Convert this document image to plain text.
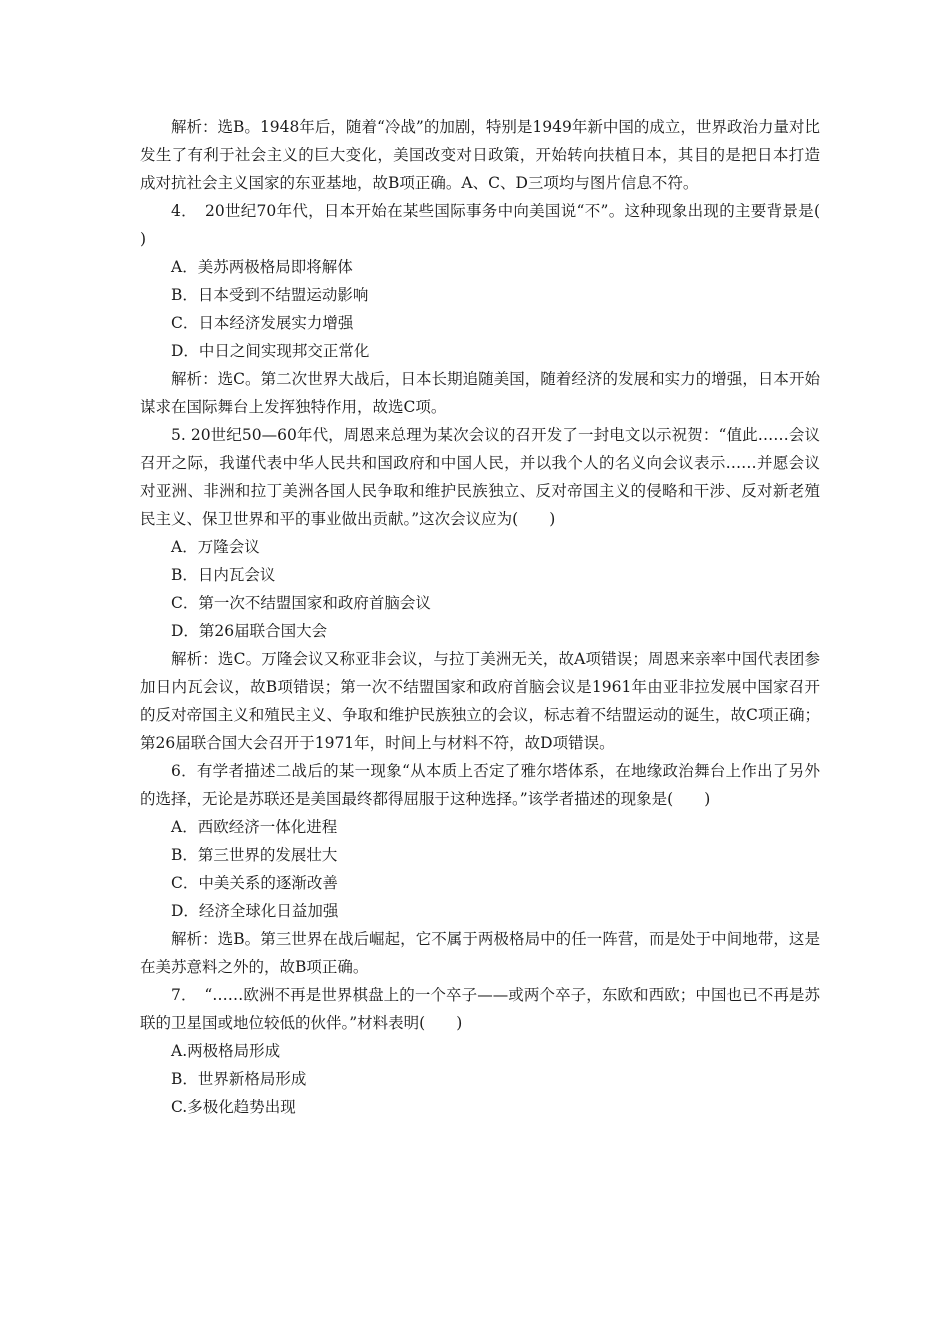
解析：选B。1948年后，随着“冷战”的加剧，特别是1949年新中国的成立，世界政治力量对比发生了有利于社会主义的巨大变化，美国改变对日政策，开始转向扶植日本，其目的是把日本打造成对抗社会主义国家的东亚基地，故B项正确。A、C、D三项均与图片信息不符。

4．　20世纪70年代，日本开始在某些国际事务中向美国说“不”。这种现象出现的主要背景是(　　)

A．美苏两极格局即将解体

B．日本受到不结盟运动影响

C．日本经济发展实力增强

D．中日之间实现邦交正常化

解析：选C。第二次世界大战后，日本长期追随美国，随着经济的发展和实力的增强，日本开始谋求在国际舞台上发挥独特作用，故选C项。

5. 20世纪50—60年代，周恩来总理为某次会议的召开发了一封电文以示祝贺：“值此……会议召开之际，我谨代表中华人民共和国政府和中国人民，并以我个人的名义向会议表示……并愿会议对亚洲、非洲和拉丁美洲各国人民争取和维护民族独立、反对帝国主义的侵略和干涉、反对新老殖民主义、保卫世界和平的事业做出贡献。”这次会议应为(　　)

A．万隆会议

B．日内瓦会议

C．第一次不结盟国家和政府首脑会议

D．第26届联合国大会

解析：选C。万隆会议又称亚非会议，与拉丁美洲无关，故A项错误；周恩来亲率中国代表团参加日内瓦会议，故B项错误；第一次不结盟国家和政府首脑会议是1961年由亚非拉发展中国家召开的反对帝国主义和殖民主义、争取和维护民族独立的会议，标志着不结盟运动的诞生，故C项正确；第26届联合国大会召开于1971年，时间上与材料不符，故D项错误。

6．有学者描述二战后的某一现象“从本质上否定了雅尔塔体系，在地缘政治舞台上作出了另外的选择，无论是苏联还是美国最终都得屈服于这种选择。”该学者描述的现象是(　　)

A．西欧经济一体化进程

B．第三世界的发展壮大

C．中美关系的逐渐改善

D．经济全球化日益加强

解析：选B。第三世界在战后崛起，它不属于两极格局中的任一阵营，而是处于中间地带，这是在美苏意料之外的，故B项正确。

7．　“……欧洲不再是世界棋盘上的一个卒子——或两个卒子，东欧和西欧；中国也已不再是苏联的卫星国或地位较低的伙伴。”材料表明(　　)

A.两极格局形成

B．世界新格局形成

C.多极化趋势出现
